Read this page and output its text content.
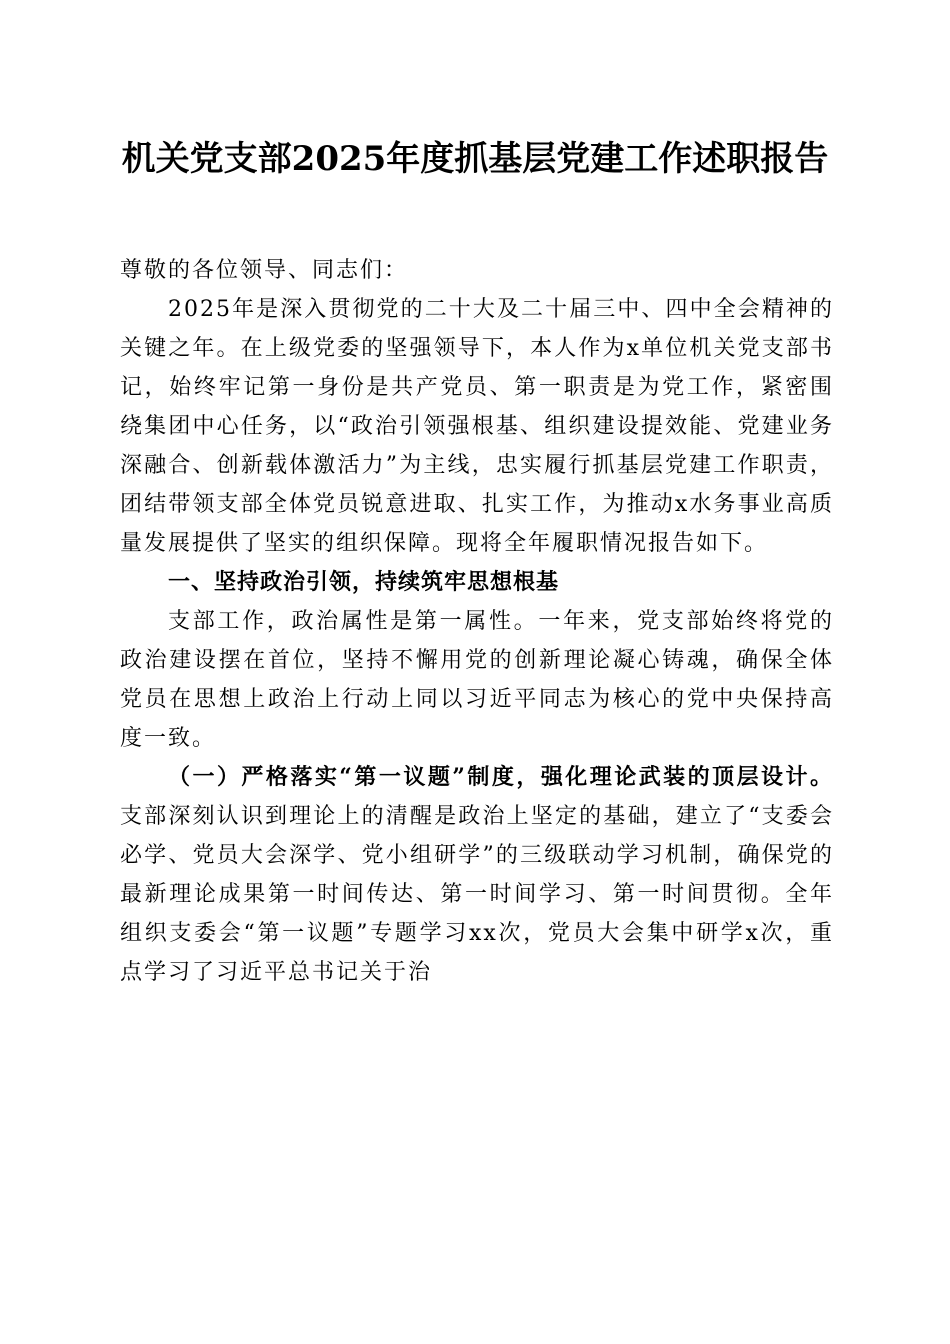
机关党支部2025年度抓基层党建工作述职报告

尊敬的各位领导、同志们：

2025年是深入贯彻党的二十大及二十届三中、四中全会精神的关键之年。在上级党委的坚强领导下，本人作为x单位机关党支部书记，始终牢记第一身份是共产党员、第一职责是为党工作，紧密围绕集团中心任务，以“政治引领强根基、组织建设提效能、党建业务深融合、创新载体激活力”为主线，忠实履行抓基层党建工作职责，团结带领支部全体党员锐意进取、扎实工作，为推动x水务事业高质量发展提供了坚实的组织保障。现将全年履职情况报告如下。

一、坚持政治引领，持续筑牢思想根基

支部工作，政治属性是第一属性。一年来，党支部始终将党的政治建设摆在首位，坚持不懈用党的创新理论凝心铸魂，确保全体党员在思想上政治上行动上同以习近平同志为核心的党中央保持高度一致。

（一）严格落实“第一议题”制度，强化理论武装的顶层设计。支部深刻认识到理论上的清醒是政治上坚定的基础，建立了“支委会必学、党员大会深学、党小组研学”的三级联动学习机制，确保党的最新理论成果第一时间传达、第一时间学习、第一时间贯彻。全年组织支委会“第一议题”专题学习xx次，党员大会集中研学x次，重点学习了习近平总书记关于治
